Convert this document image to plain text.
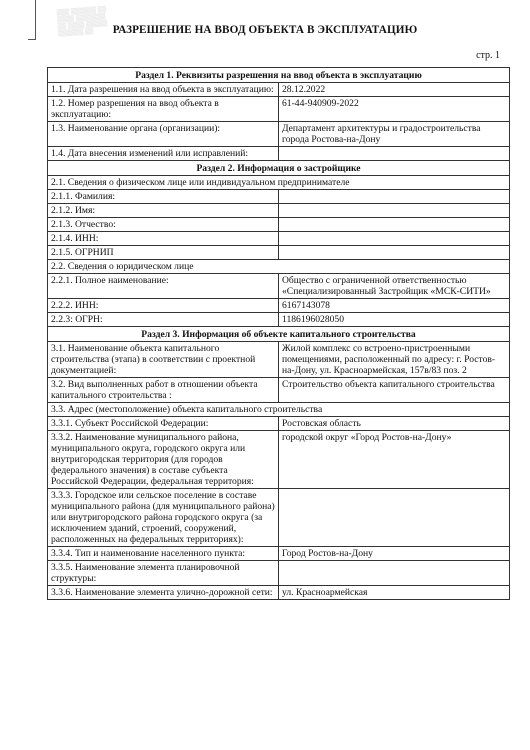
▒▒▒ ▒▒▒▒▒▒ ▒▒
▒▒▒▒ ▒▒▒▒▒▒▒
▒▒ ▒▒▒▒ ▒▒▒▒▒
▒▒▒▒▒▒ ▒▒	РАЗРЕШЕНИЕ НА ВВОД ОБЪЕКТА В ЭКСПЛУАТАЦИЮ
стр. 1
Раздел 1. Реквизиты разрешения на ввод объекта в эксплуатацию	
1.1. Дата разрешения на ввод объекта в эксплуатацию:	28.12.2022
1.2. Номер разрешения на ввод объекта в эксплуатацию:	61-44-940909-2022
1.3. Наименование органа (организации):	Департамент архитектуры и градостроительства города Ростова-на-Дону
1.4. Дата внесения изменений или исправлений:	
Раздел 2. Информация о застройщике	
2.1. Сведения о физическом лице или индивидуальном предпринимателе	
2.1.1. Фамилия:	
2.1.2. Имя:	
2.1.3. Отчество:	
2.1.4. ИНН:	
2.1.5. ОГРНИП	
2.2. Сведения о юридическом лице	
2.2.1. Полное наименование:	Общество с ограниченной ответственностью «Специализированный Застройщик «МСК-СИТИ»
2.2.2. ИНН:	6167143078
2.2.3: ОГРН:	1186196028050
Раздел 3. Информация об объекте капитального строительства	
3.1. Наименование объекта капитального строительства (этапа) в соответствии с проектной документацией:	Жилой комплекс со встроено-пристроенными помещениями, расположенный по адресу: г. Ростов-на-Дону, ул. Красноармейская, 157в/83 поз. 2
3.2. Вид выполненных работ в отношении объекта капитального строительства :	Строительство объекта капитального строительства
3.3. Адрес (местоположение) объекта капитального строительства	
3.3.1. Субъект Российской Федерации:	Ростовская область
3.3.2. Наименование муниципального района, муниципального округа, городского округа или внутригородская территория (для городов федерального значения) в составе субъекта Российской Федерации, федеральная территория:	городской округ «Город Ростов-на-Дону»
3.3.3. Городское или сельское поселение в составе муниципального района (для муниципального района) или внутригородского района городского округа (за исключением зданий, строений, сооружений, расположенных на федеральных территориях):	
3.3.4. Тип и наименование населенного пункта:	Город Ростов-на-Дону
3.3.5. Наименование элемента планировочной структуры:	
3.3.6. Наименование элемента улично-дорожной сети:	ул. Красноармейская
